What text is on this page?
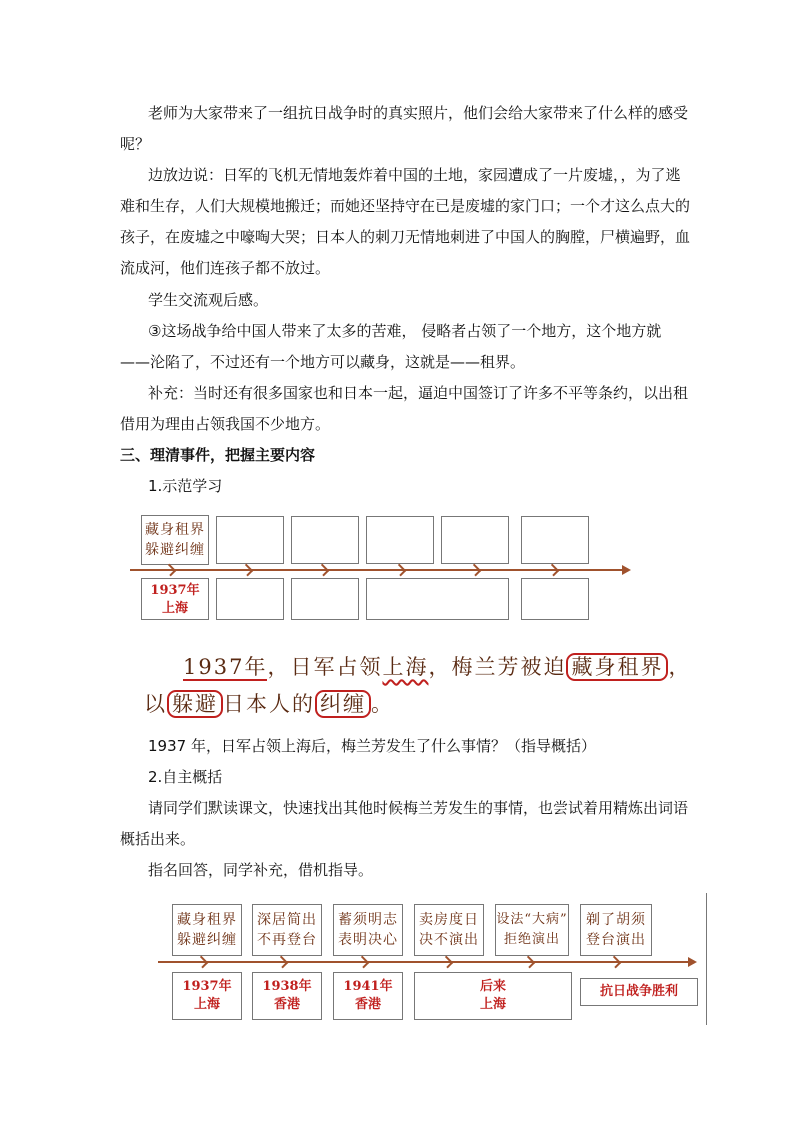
老师为大家带来了一组抗日战争时的真实照片，他们会给大家带来了什么样的感受呢？

边放边说：日军的飞机无情地轰炸着中国的土地，家园遭成了一片废墟，，为了逃难和生存，人们大规模地搬迁；而她还坚持守在已是废墟的家门口；一个才这么点大的孩子，在废墟之中嚎啕大哭；日本人的刺刀无情地刺进了中国人的胸膛，尸横遍野，血流成河，他们连孩子都不放过。

学生交流观后感。

③这场战争给中国人带来了太多的苦难， 侵略者占领了一个地方，这个地方就——沦陷了，不过还有一个地方可以藏身，这就是——租界。

补充：当时还有很多国家也和日本一起，逼迫中国签订了许多不平等条约，以出租借用为理由占领我国不少地方。

三、理清事件，把握主要内容
1.示范学习
藏身租界
躲避纠缠
1937年
上海
1937年，日军占领上海，梅兰芳被迫 藏身租界 ，
以 躲避 日本人的 纠缠 。
1937 年，日军占领上海后，梅兰芳发生了什么事情？（指导概括）
2.自主概括

请同学们默读课文，快速找出其他时候梅兰芳发生的事情，也尝试着用精炼出词语概括出来。

指名回答，同学补充，借机指导。
藏身租界
躲避纠缠
深居简出
不再登台
蓄须明志
表明决心
卖房度日
决不演出
设法“大病”
拒绝演出
剃了胡须
登台演出
1937年
上海
1938年
香港
1941年
香港
后来
上海
抗日战争胜利
